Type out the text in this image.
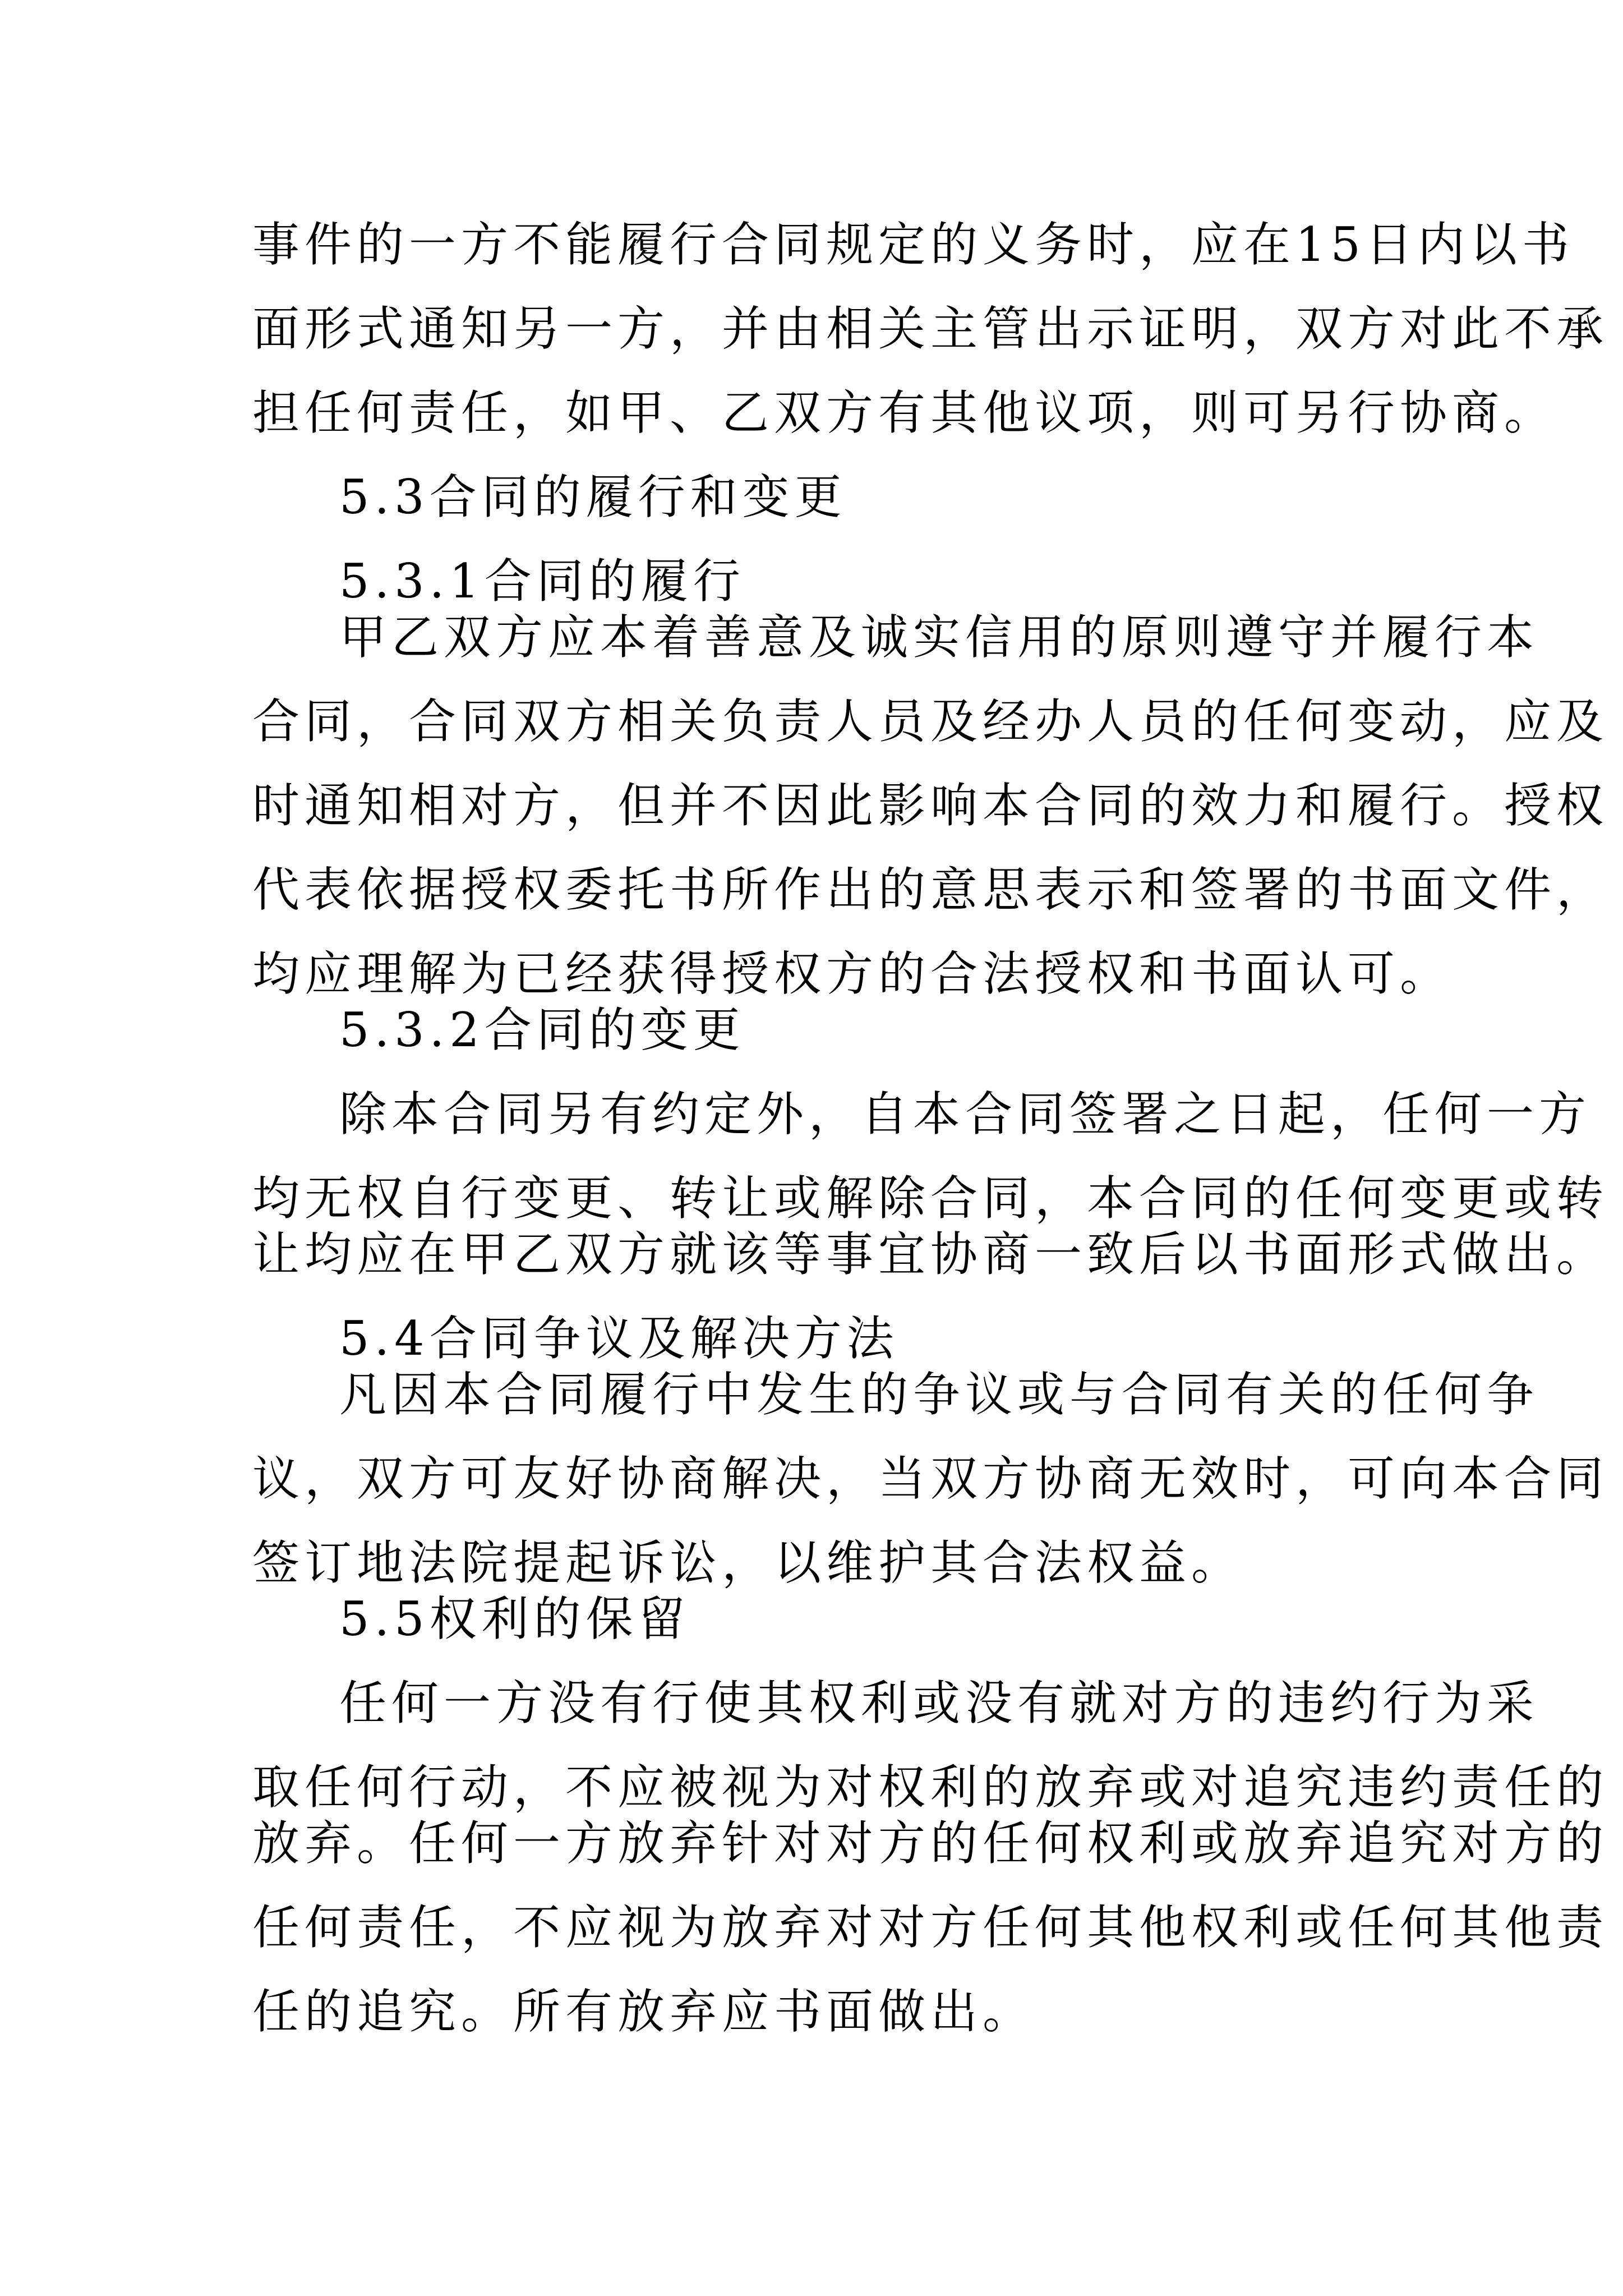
事件的一方不能履行合同规定的义务时，应在15日内以书
面形式通知另一方，并由相关主管出示证明，双方对此不承
担任何责任，如甲、乙双方有其他议项，则可另行协商。
5.3合同的履行和变更
5.3.1合同的履行
甲乙双方应本着善意及诚实信用的原则遵守并履行本
合同，合同双方相关负责人员及经办人员的任何变动，应及
时通知相对方，但并不因此影响本合同的效力和履行。授权
代表依据授权委托书所作出的意思表示和签署的书面文件，
均应理解为已经获得授权方的合法授权和书面认可。
5.3.2合同的变更
除本合同另有约定外，自本合同签署之日起，任何一方
均无权自行变更、转让或解除合同，本合同的任何变更或转
让均应在甲乙双方就该等事宜协商一致后以书面形式做出。
5.4合同争议及解决方法
凡因本合同履行中发生的争议或与合同有关的任何争
议，双方可友好协商解决，当双方协商无效时，可向本合同
签订地法院提起诉讼，以维护其合法权益。
5.5权利的保留
任何一方没有行使其权利或没有就对方的违约行为采
取任何行动，不应被视为对权利的放弃或对追究违约责任的
放弃。任何一方放弃针对对方的任何权利或放弃追究对方的
任何责任，不应视为放弃对对方任何其他权利或任何其他责
任的追究。所有放弃应书面做出。
